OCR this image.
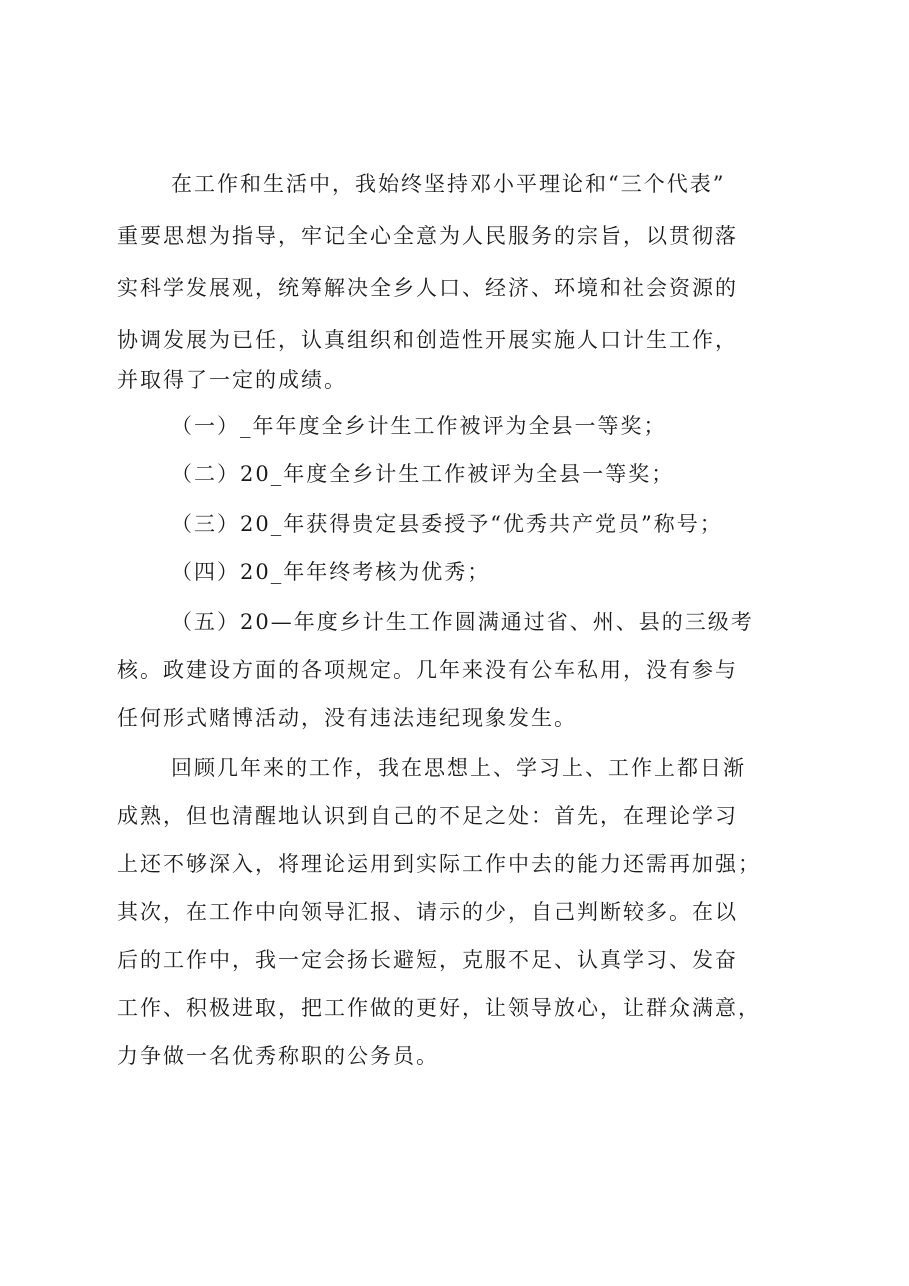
在工作和生活中，我始终坚持邓小平理论和“三个代表”
重要思想为指导，牢记全心全意为人民服务的宗旨，以贯彻落
实科学发展观，统筹解决全乡人口、经济、环境和社会资源的
协调发展为已任，认真组织和创造性开展实施人口计生工作，
并取得了一定的成绩。
（一）_年年度全乡计生工作被评为全县一等奖；
（二）20_年度全乡计生工作被评为全县一等奖；
（三）20_年获得贵定县委授予“优秀共产党员”称号；
（四）20_年年终考核为优秀；
（五）20—年度乡计生工作圆满通过省、州、县的三级考
核。政建设方面的各项规定。几年来没有公车私用，没有参与
任何形式赌博活动，没有违法违纪现象发生。
回顾几年来的工作，我在思想上、学习上、工作上都日渐
成熟，但也清醒地认识到自己的不足之处：首先，在理论学习
上还不够深入，将理论运用到实际工作中去的能力还需再加强；
其次，在工作中向领导汇报、请示的少，自己判断较多。在以
后的工作中，我一定会扬长避短，克服不足、认真学习、发奋
工作、积极进取，把工作做的更好，让领导放心，让群众满意，
力争做一名优秀称职的公务员。
